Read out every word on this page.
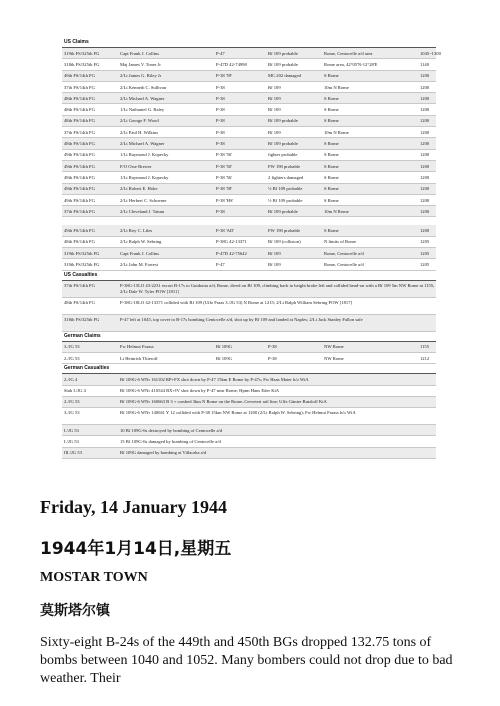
US Claims
319th FS/325th FG	Capt Frank J. Collins	P-47	Bf 109 probable	Rome, Centocelle a/d area	1045~1300
318th FS/325th FG	Maj James V. Toner Jr	P-47D 42-74998	Bf 109 probable	Rome area, 42°05'N-12°28'E	1140
49th FS/14th FG	2/Lt James G. Riley Jr	P-38 '59'	MC.202 damaged	S Rome	1200
37th FS/14th FG	2/Lt Kenneth C. Sullivan	P-38	Bf 109	10m N Rome	1200
48th FS/14th FG	2/Lt Michael A. Wagner	P-38	Bf 109	S Rome	1200
48th FS/14th FG	1/Lt Nathaniel G. Raley	P-38	Bf 109	S Rome	1200
48th FS/14th FG	2/Lt George F. Wood	P-38	Bf 109 probable	S Rome	1200
37th FS/14th FG	2/Lt Paul H. Wilkins	P-38	Bf 109	10m N Rome	1200
48th FS/14th FG	2/Lt Michael A. Wagner	P-38	Bf 109 probable	S Rome	1200
49th FS/14th FG	1/Lt Raymond J. Kopecky	P-38 '56'	fighter probable	S Rome	1200
49th FS/14th FG	F/O Orse Brewer	P-38 '50'	FW 190 probable	S Rome	1200
49th FS/14th FG	1/Lt Raymond J. Kopecky	P-38 '56'	2 fighters damaged	S Rome	1200
49th FS/14th FG	2/Lt Robert E. Hoke	P-38 '58'	½ Bf 109 probable	S Rome	1200
49th FS/14th FG	2/Lt Herbert C. Schoener	P-38 'HS'	½ Bf 109 probable	S Rome	1200
37th FS/14th FG	2/Lt Cleveland J. Tatum	P-38	Bf 109 probable	10m N Rome	1200
49th FS/14th FG	2/Lt Roy C. Liles	P-38 'AD'	FW 190 probable	S Rome	1200
48th FS/14th FG	2/Lt Ralph W. Sebring	P-38G 42-13371	Bf 109 (collision)	N limits of Rome	1205
319th FS/325th FG	Capt Frank J. Collins	P-47D 42-75642	Bf 109	Rome, Centocelle a/d	1205
319th FS/325th FG	2/Lt John M. Forrest	P-47	Bf 109	Rome, Centocelle a/d	1205
US Casualties
37th FS/14th FG	P-38G-15LO 43-2231 escort B-17s to Guidonia a/d, Rome, dived on Bf 109, climbing back to height broke left and collided head-on with a Bf 109 5m NW Rome at 1155; 2/Lt Dale W. Tyler POW [1811]
48th FS/14th FG	P-38G-10LO 42-13371 collided with Bf 109 (Uffz Fraas 3./JG 53) N Rome at 1215; 2/Lt Ralph William Sebring POW [1817]
318th FS/325th FG	P-47 left at 1045, top cover to B-17s bombing Centocelle a/d, shot up by Bf 109 and landed at Naples; 2/Lt Jack Stanley Fallon safe
German Claims
3./JG 53	Fw Helmut Fraass	Bf 109G	P-38	NW Rome	1155
2./JG 53	Lt Heinrich Thieroff	Bf 109G	P-38	NW Rome	1212
German Casualties
2./JG 4	Bf 109G-6 WNr 161102 RP+FX shot down by P-47 15km E Rome by P-47s; Fw Hans Maier b/o WiA
Stab I./JG 4	Bf 109G-6 WNr 410544 BX+IV shot down by P-47 near Rome; Hptm Hans Eder KiA
2./JG 53	Bf 109G-6 WNr 160663 B 3 + crashed 3km N Rome on the Rome–Cerveteri rail line; Uffz Günter Butzloff KiA
3./JG 53	Bf 109G-6 WNr 140041 Y 12 collided with P-38 15km NW Rome at 1200 (2/Lt Ralph W. Sebring); Fw Helmut Fraass b/o WiA
I./JG 53	10 Bf 109G-6s destroyed by bombing of Centocelle a/d
I./JG 53	15 Bf 109G-6s damaged by bombing of Centocelle a/d
III./JG 53	Bf 109G damaged by bombing at Villaorba a/d
Friday, 14 January 1944
1944年1月14日,星期五
MOSTAR TOWN
莫斯塔尔镇
Sixty-eight B-24s of the 449th and 450th BGs dropped 132.75 tons of bombs between 1040 and 1052. Many bombers could not drop due to bad weather. Their
